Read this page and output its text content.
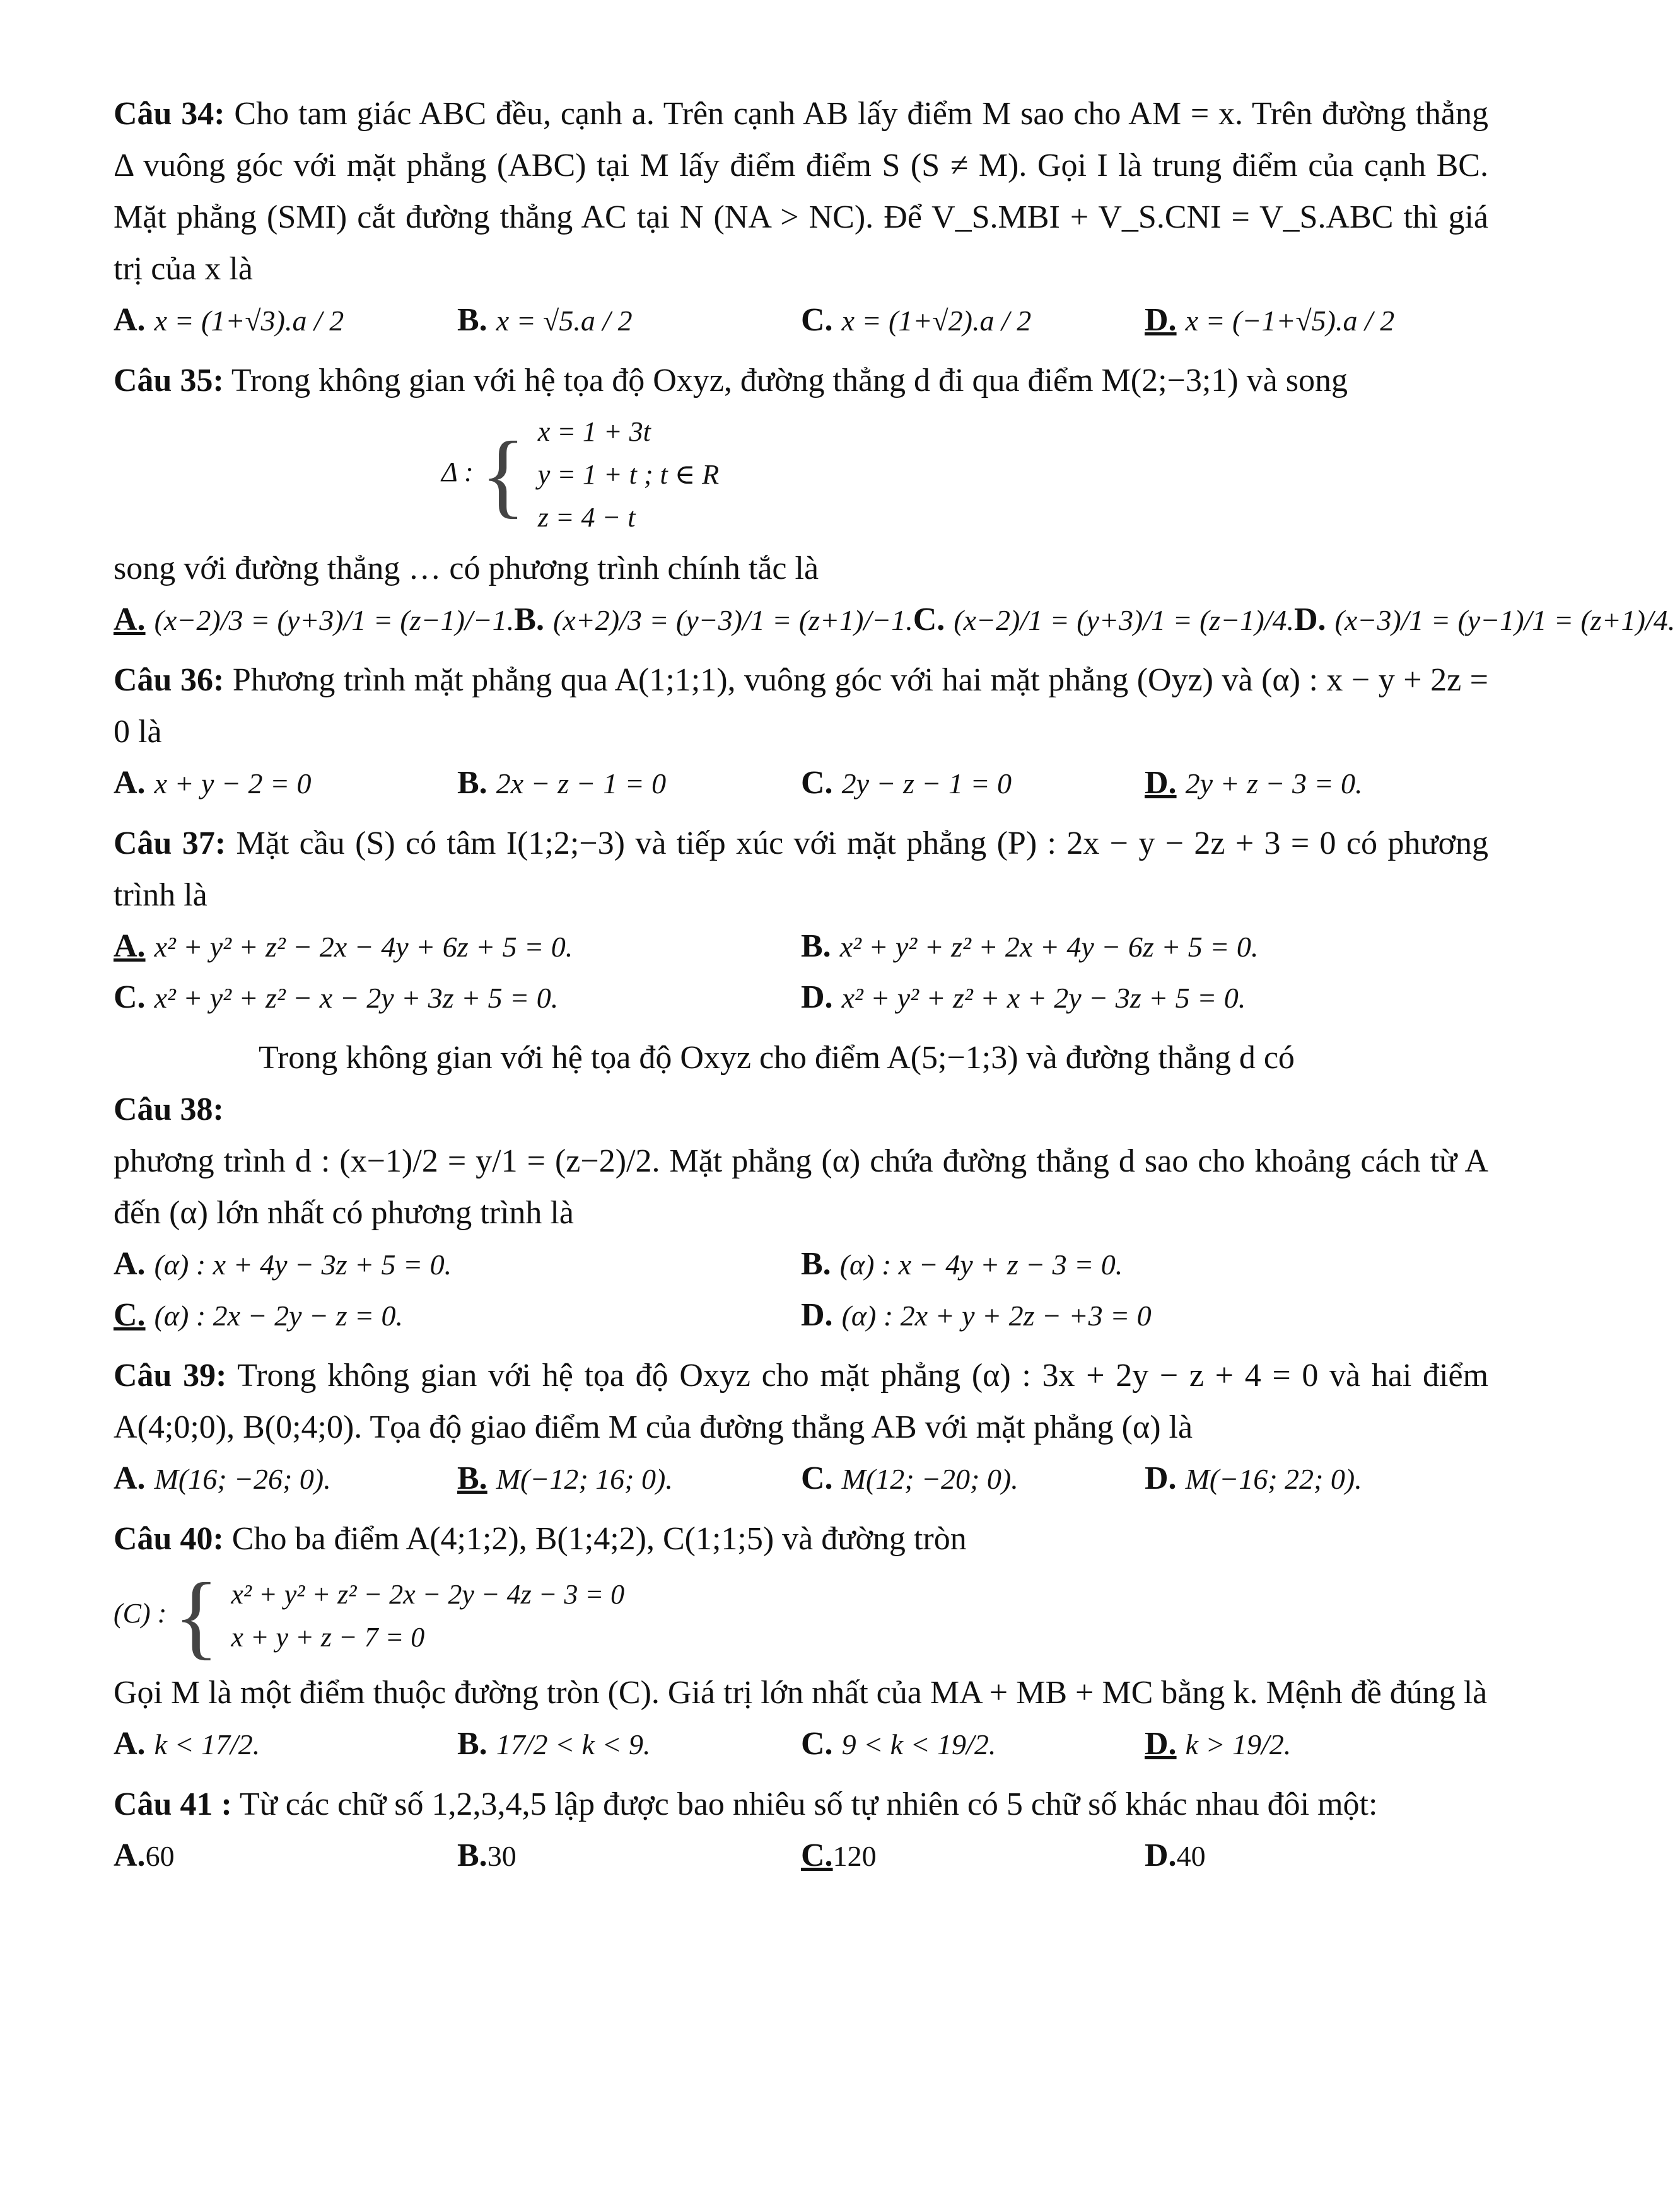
Câu 34: Cho tam giác ABC đều, cạnh a. Trên cạnh AB lấy điểm M sao cho AM = x. Trên đường thẳng Δ vuông góc với mặt phẳng (ABC) tại M lấy điểm điểm S (S ≠ M). Gọi I là trung điểm của cạnh BC. Mặt phẳng (SMI) cắt đường thẳng AC tại N (NA > NC). Để V_S.MBI + V_S.CNI = V_S.ABC thì giá trị của x là
A. x = (1+√3).a / 2	B. x = √5.a / 2	C. x = (1+√2).a / 2	D. x = (−1+√5).a / 2
Câu 35: Trong không gian với hệ tọa độ Oxyz, đường thẳng d đi qua điểm M(2;−3;1) và song
Δ : { x = 1 + 3t
y = 1 + t ; t ∈ R
z = 4 − t
song với đường thẳng … có phương trình chính tắc là
A. (x−2)/3 = (y+3)/1 = (z−1)/−1. B. (x+2)/3 = (y−3)/1 = (z+1)/−1. C. (x−2)/1 = (y+3)/1 = (z−1)/4. D. (x−3)/1 = (y−1)/1 = (z+1)/4.
Câu 36: Phương trình mặt phẳng qua A(1;1;1), vuông góc với hai mặt phẳng (Oyz) và (α) : x − y + 2z = 0 là
A. x + y − 2 = 0	B. 2x − z − 1 = 0	C. 2y − z − 1 = 0	D. 2y + z − 3 = 0.
Câu 37: Mặt cầu (S) có tâm I(1;2;−3) và tiếp xúc với mặt phẳng (P) : 2x − y − 2z + 3 = 0 có phương trình là
A. x² + y² + z² − 2x − 4y + 6z + 5 = 0.	B. x² + y² + z² + 2x + 4y − 6z + 5 = 0.
C. x² + y² + z² − x − 2y + 3z + 5 = 0.	D. x² + y² + z² + x + 2y − 3z + 5 = 0.
Trong không gian với hệ tọa độ Oxyz cho điểm A(5;−1;3) và đường thẳng d có
Câu 38:
phương trình d : (x−1)/2 = y/1 = (z−2)/2. Mặt phẳng (α) chứa đường thẳng d sao cho khoảng cách từ A đến (α) lớn nhất có phương trình là
A. (α) : x + 4y − 3z + 5 = 0.	B. (α) : x − 4y + z − 3 = 0.
C. (α) : 2x − 2y − z = 0.	D. (α) : 2x + y + 2z − +3 = 0
Câu 39: Trong không gian với hệ tọa độ Oxyz cho mặt phẳng (α) : 3x + 2y − z + 4 = 0 và hai điểm A(4;0;0), B(0;4;0). Tọa độ giao điểm M của đường thẳng AB với mặt phẳng (α) là
A. M(16; −26; 0).	B. M(−12; 16; 0).	C. M(12; −20; 0).	D. M(−16; 22; 0).
Câu 40: Cho ba điểm A(4;1;2), B(1;4;2), C(1;1;5) và đường tròn
(C) : { x² + y² + z² − 2x − 2y − 4z − 3 = 0
x + y + z − 7 = 0
Gọi M là một điểm thuộc đường tròn (C). Giá trị lớn nhất của MA + MB + MC bằng k. Mệnh đề đúng là
A. k < 17/2.	B. 17/2 < k < 9.	C. 9 < k < 19/2.	D. k > 19/2.
Câu 41 : Từ các chữ số 1,2,3,4,5 lập được bao nhiêu số tự nhiên có 5 chữ số khác nhau đôi một:
A.60	B.30	C.120	D.40
